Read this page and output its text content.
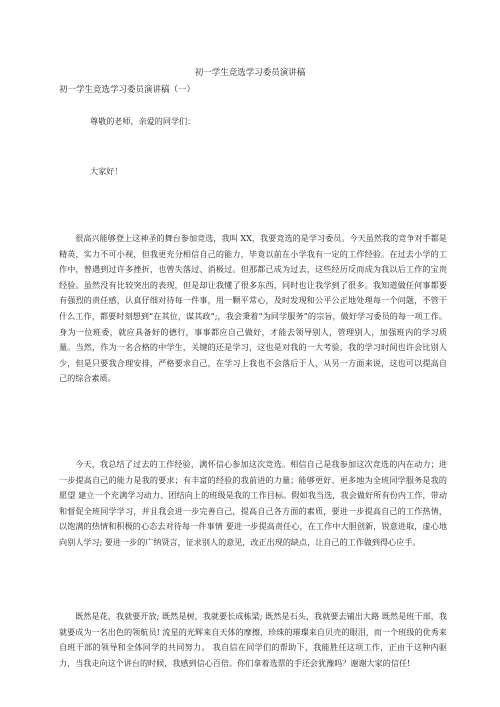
初一学生竞选学习委员演讲稿
初一学生竞选学习委员演讲稿（一）

尊敬的老师，亲爱的同学们：

大家好！

很高兴能够登上这神圣的舞台参加竞选，我叫 XX，我要竞选的是学习委员。今天虽然我的竞争对手都是精英，实力不可小视，但我更充分相信自己的能力，毕竟以前在小学我有一定的工作经验。在过去小学的工作中，曾遇到过许多挫折，也曾失落过、消极过。但那都已成为过去，这些经历反而成为我以后工作的宝贵经验。虽然没有比较突出的表现，但是却让我懂了很多东西，同时也让我学到了很多。我知道做任何事都要有强烈的责任感，认真仔细对待每一件事，用一颗平常心，及时发现和公平公正地处理每一个问题，不管干什么工作，都要时刻想到“在其位，谋其政”;，我会秉着“为同学服务”的宗旨，做好学习委员的每一项工作。身为一位班委，就应具备好的德行，事事都应自己做好，才能去领导别人，管理别人，加强班内的学习质量。当然，作为一名合格的中学生，关键的还是学习，这也是对我的一大考验，我的学习时间也许会比别人少，但是只要我合理安排，严格要求自己，在学习上我也不会落后于人，从另一方面来说，这也可以提高自己的综合素质。

今天，我总结了过去的工作经验，满怀信心参加这次竞选。相信自己是我参加这次竞选的内在动力；进一步提高自己的能力是我的要求；有丰富的经验的我前进的力量；能够更好、更多地为全班同学服务是我的愿望 建立一个充满学习动力、团结向上的班级是我的工作目标。假如我当选，我会做好所有份内工作，带动和督促全班同学学习，并且我会进一步完善自己，提高自己各方面的素质，要进一步提高自己的工作热情，以饱满的热情和积极的心态去对待每一件事情 要进一步提高责任心，在工作中大胆创新，锐意进取，虚心地向别人学习; 要进一步的广纳贤言，征求别人的意见，改正出现的缺点，让自己的工作做到得心应手。

既然是花，我就要开放; 既然是树，我就要长成栋梁; 既然是石头，我就要去铺出大路 既然是班干部，我就要成为一名出色的领航员! 流星的光辉来自天体的摩擦，珍珠的璀璨来自贝壳的眼泪，而一个班级的优秀来自班干部的领导和全体同学的共同努力。 我自信在同学们的帮助下，我能胜任这项工作，正由于这种内驱力，当我走向这个讲台的时候，我感到信心百倍。你们拿着选票的手还会犹豫吗？谢谢大家的信任!
